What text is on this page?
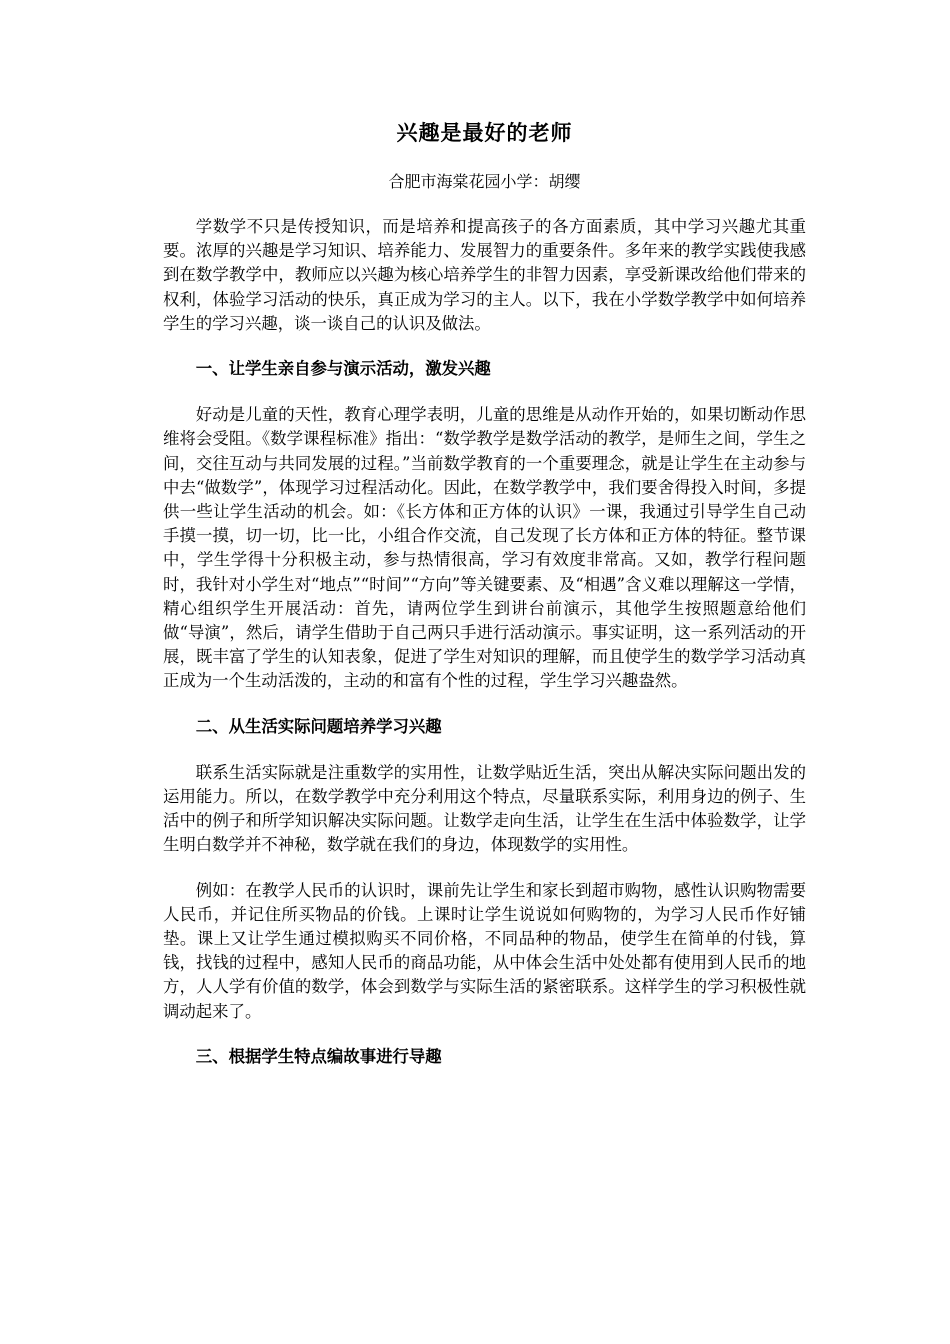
兴趣是最好的老师
合肥市海棠花园小学：胡缨

学数学不只是传授知识，而是培养和提高孩子的各方面素质，其中学习兴趣尤其重要。浓厚的兴趣是学习知识、培养能力、发展智力的重要条件。多年来的教学实践使我感到在数学教学中，教师应以兴趣为核心培养学生的非智力因素，享受新课改给他们带来的权利，体验学习活动的快乐，真正成为学习的主人。以下，我在小学数学教学中如何培养学生的学习兴趣，谈一谈自己的认识及做法。

一、让学生亲自参与演示活动，激发兴趣

好动是儿童的天性，教育心理学表明，儿童的思维是从动作开始的，如果切断动作思维将会受阻。《数学课程标准》指出：“数学教学是数学活动的教学，是师生之间，学生之间，交往互动与共同发展的过程。”当前数学教育的一个重要理念，就是让学生在主动参与中去“做数学”，体现学习过程活动化。因此，在数学教学中，我们要舍得投入时间，多提供一些让学生活动的机会。如：《长方体和正方体的认识》一课，我通过引导学生自己动手摸一摸，切一切，比一比，小组合作交流，自己发现了长方体和正方体的特征。整节课中，学生学得十分积极主动，参与热情很高，学习有效度非常高。又如，教学行程问题时，我针对小学生对“地点”“时间”“方向”等关键要素、及“相遇”含义难以理解这一学情，精心组织学生开展活动：首先，请两位学生到讲台前演示，其他学生按照题意给他们做“导演”，然后，请学生借助于自己两只手进行活动演示。事实证明，这一系列活动的开展，既丰富了学生的认知表象，促进了学生对知识的理解，而且使学生的数学学习活动真正成为一个生动活泼的，主动的和富有个性的过程，学生学习兴趣盎然。

二、从生活实际问题培养学习兴趣

联系生活实际就是注重数学的实用性，让数学贴近生活，突出从解决实际问题出发的运用能力。所以，在数学教学中充分利用这个特点，尽量联系实际，利用身边的例子、生活中的例子和所学知识解决实际问题。让数学走向生活，让学生在生活中体验数学，让学生明白数学并不神秘，数学就在我们的身边，体现数学的实用性。

例如：在教学人民币的认识时，课前先让学生和家长到超市购物，感性认识购物需要人民币，并记住所买物品的价钱。上课时让学生说说如何购物的，为学习人民币作好铺垫。课上又让学生通过模拟购买不同价格，不同品种的物品，使学生在简单的付钱，算钱，找钱的过程中，感知人民币的商品功能，从中体会生活中处处都有使用到人民币的地方，人人学有价值的数学，体会到数学与实际生活的紧密联系。这样学生的学习积极性就调动起来了。

三、根据学生特点编故事进行导趣
